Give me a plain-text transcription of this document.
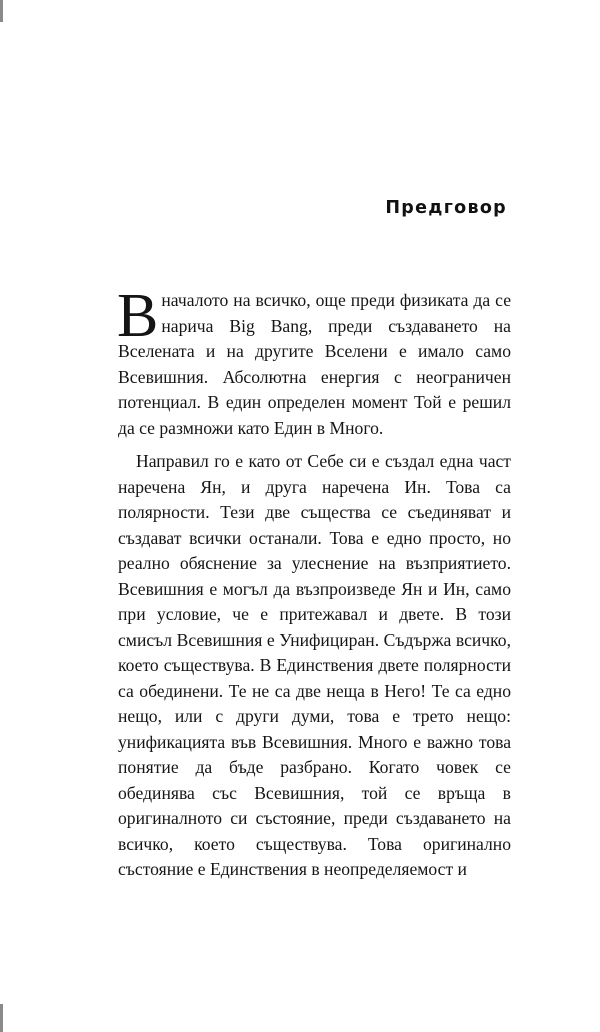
Предговор

Вначалото на всичко, още преди физиката да се нарича Big Bang, преди създаването на Вселената и на другите Вселени е имало само Всевишния. Абсолютна енергия с неограничен потенциал. В един определен момент Той е решил да се размножи като Един в Много.

Направил го е като от Себе си е създал една част наречена Ян, и друга наречена Ин. Това са полярности. Тези две същества се съединяват и създават всички останали. Това е едно просто, но реално обяснение за улеснение на възприятието. Всевишния е могъл да възпроизведе Ян и Ин, само при условие, че е притежавал и двете. В този смисъл Всевишния е Унифициран. Съдържа всичко, което съществува. В Единствения двете полярности са обединени. Те не са две неща в Него! Те са едно нещо, или с други думи, това е трето нещо: унификацията във Всевишния. Много е важно това понятие да бъде разбрано. Когато човек се обединява със Всевишния, той се връща в оригиналното си състояние, преди създаването на всичко, което съществува. Това оригинално състояние е Единствения в неопределяемост и
